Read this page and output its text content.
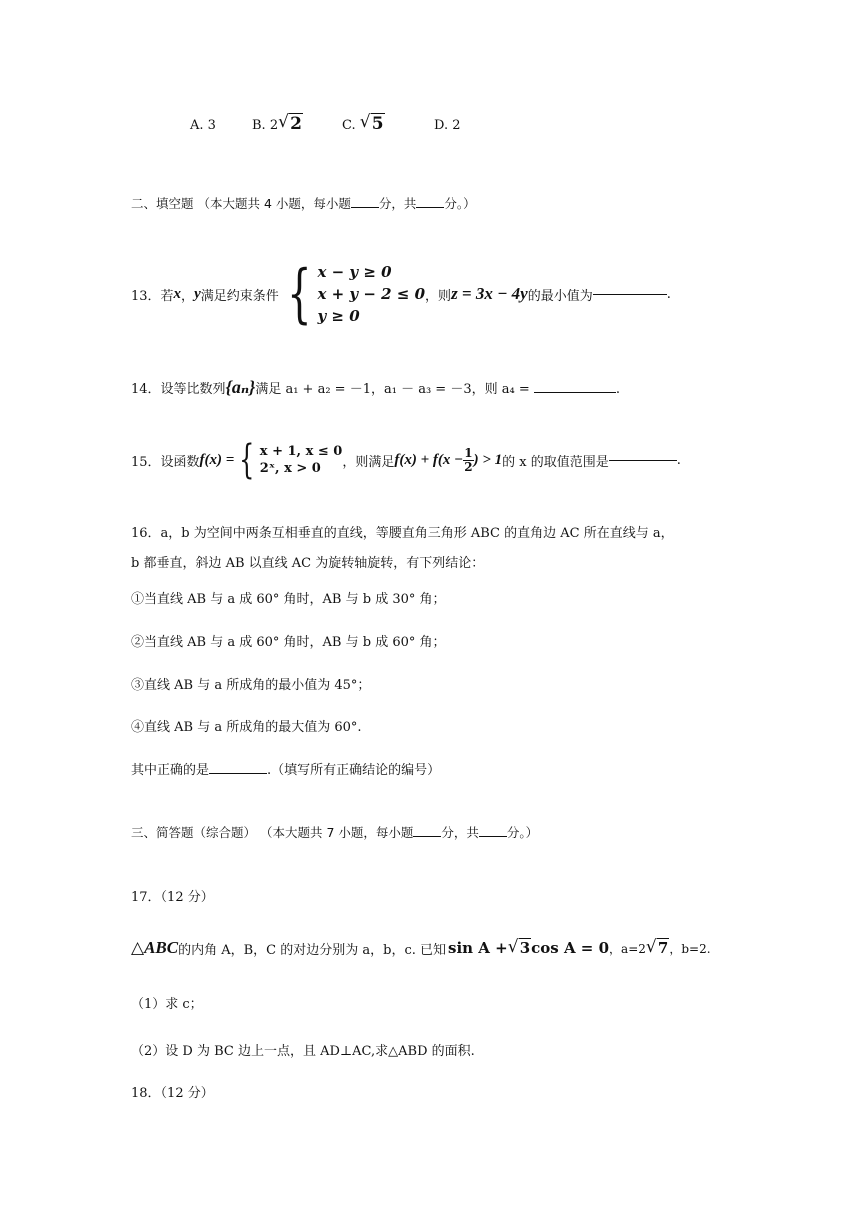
A. 3	B. 2 √ 2	C. √ 5	D. 2
二、填空题 （本大题共 4 小题，每小题 分，共 分。）
13．若 x ， y 满足约束条件 { x − y ≥ 0
x + y − 2 ≤ 0
y ≥ 0
，则 z = 3x − 4y 的最小值为	.
14．设等比数列{aₙ}满足 a₁ + a₂ = －1，a₁ － a₃ = －3，则 a₄ =	.
15．设函数 f(x) = { x + 1, x ≤ 0
2ˣ, x > 0	，则满足 $f(x) + f(x - \frac{1}{2}$ ) > 1 的 x 的取值范围是	.
16．a，b 为空间中两条互相垂直的直线，等腰直角三角形 ABC 的直角边 AC 所在直线与 a，
b 都垂直，斜边 AB 以直线 AC 为旋转轴旋转，有下列结论：
①当直线 AB 与 a 成 60° 角时，AB 与 b 成 30° 角；
②当直线 AB 与 a 成 60° 角时，AB 与 b 成 60° 角；
③直线 AB 与 a 所成角的最小值为 45°；
④直线 AB 与 a 所成角的最大值为 60°.
其中正确的是	.（填写所有正确结论的编号）
三、简答题（综合题） （本大题共 7 小题，每小题 分，共 分。）
17．（12 分）
△ABC 的内角 A，B，C 的对边分别为 a，b，c. 已知 sin A + √ 3 cos A = 0 ，a=2 √ 7 ，b=2.
（1）求 c；
（2）设 D 为 BC 边上一点，且 AD⊥AC,求△ABD 的面积.
18．（12 分）
